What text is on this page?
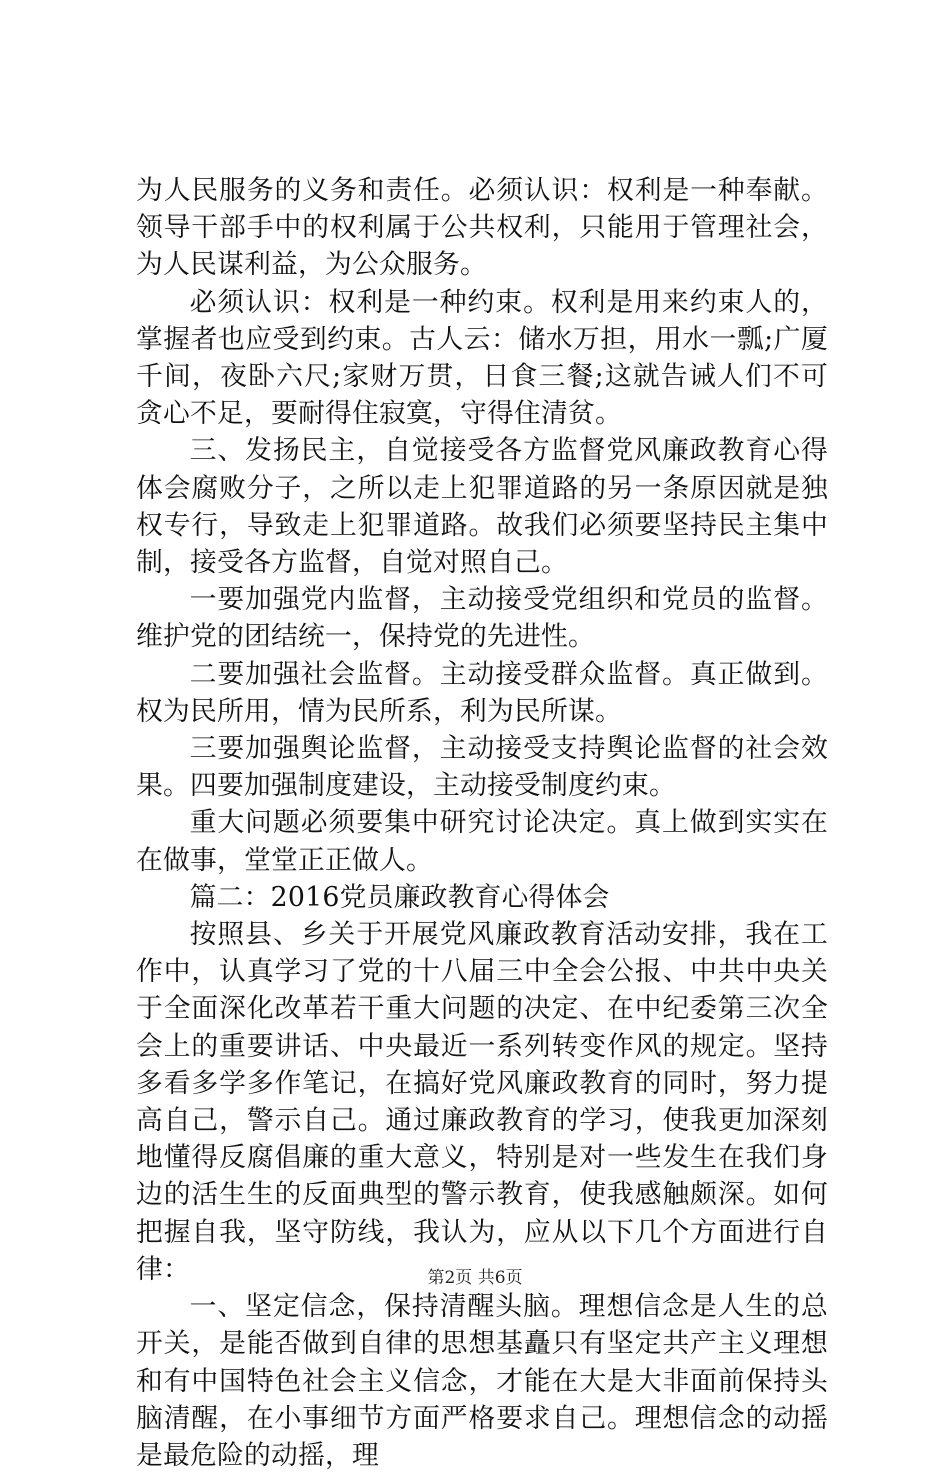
为人民服务的义务和责任。必须认识：权利是一种奉献。领导干部手中的权利属于公共权利，只能用于管理社会，为人民谋利益，为公众服务。

必须认识：权利是一种约束。权利是用来约束人的，掌握者也应受到约束。古人云：储水万担，用水一瓢;广厦千间，夜卧六尺;家财万贯，日食三餐;这就告诫人们不可贪心不足，要耐得住寂寞，守得住清贫。

三、发扬民主，自觉接受各方监督党风廉政教育心得体会腐败分子，之所以走上犯罪道路的另一条原因就是独权专行，导致走上犯罪道路。故我们必须要坚持民主集中制，接受各方监督，自觉对照自己。

一要加强党内监督，主动接受党组织和党员的监督。维护党的团结统一，保持党的先进性。

二要加强社会监督。主动接受群众监督。真正做到。权为民所用，情为民所系，利为民所谋。

三要加强舆论监督，主动接受支持舆论监督的社会效果。四要加强制度建设，主动接受制度约束。

重大问题必须要集中研究讨论决定。真上做到实实在在做事，堂堂正正做人。

篇二：2016党员廉政教育心得体会

按照县、乡关于开展党风廉政教育活动安排，我在工作中，认真学习了党的十八届三中全会公报、中共中央关于全面深化改革若干重大问题的决定、在中纪委第三次全会上的重要讲话、中央最近一系列转变作风的规定。坚持多看多学多作笔记，在搞好党风廉政教育的同时，努力提高自己，警示自己。通过廉政教育的学习，使我更加深刻地懂得反腐倡廉的重大意义，特别是对一些发生在我们身边的活生生的反面典型的警示教育，使我感触颇深。如何把握自我，坚守防线，我认为，应从以下几个方面进行自律：

一、坚定信念，保持清醒头脑。理想信念是人生的总开关，是能否做到自律的思想基矗只有坚定共产主义理想和有中国特色社会主义信念，才能在大是大非面前保持头脑清醒，在小事细节方面严格要求自己。理想信念的动摇是最危险的动摇，理

第2页 共6页
